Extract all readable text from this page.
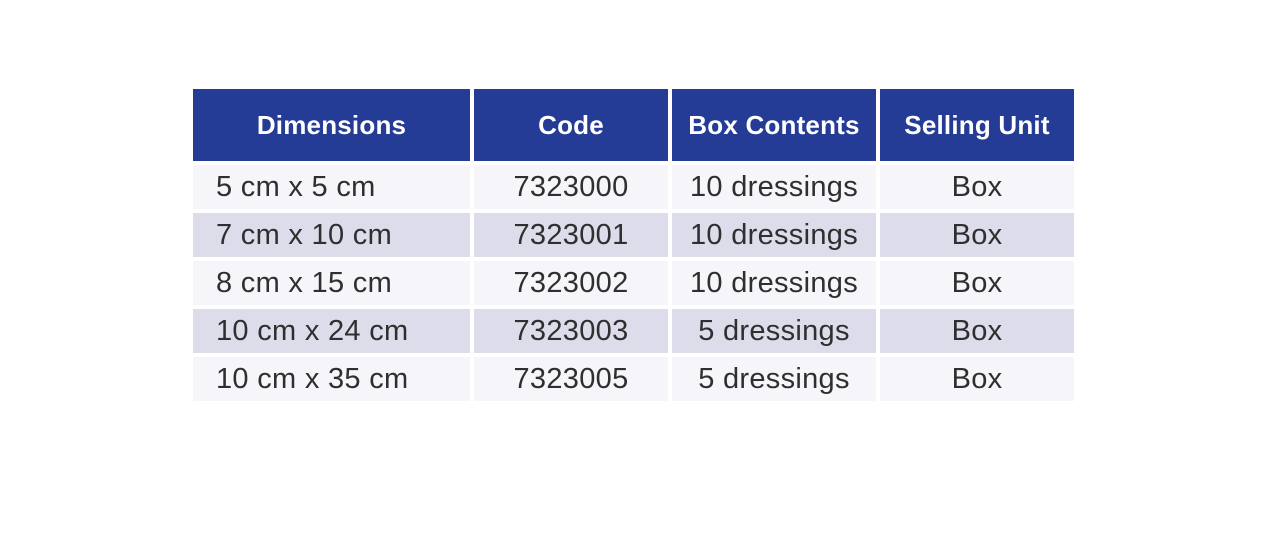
Dimensions	Code	Box Contents	Selling Unit
5 cm x 5 cm	7323000	10 dressings	Box
7 cm x 10 cm	7323001	10 dressings	Box
8 cm x 15 cm	7323002	10 dressings	Box
10 cm x 24 cm	7323003	5 dressings	Box
10 cm x 35 cm	7323005	5 dressings	Box
